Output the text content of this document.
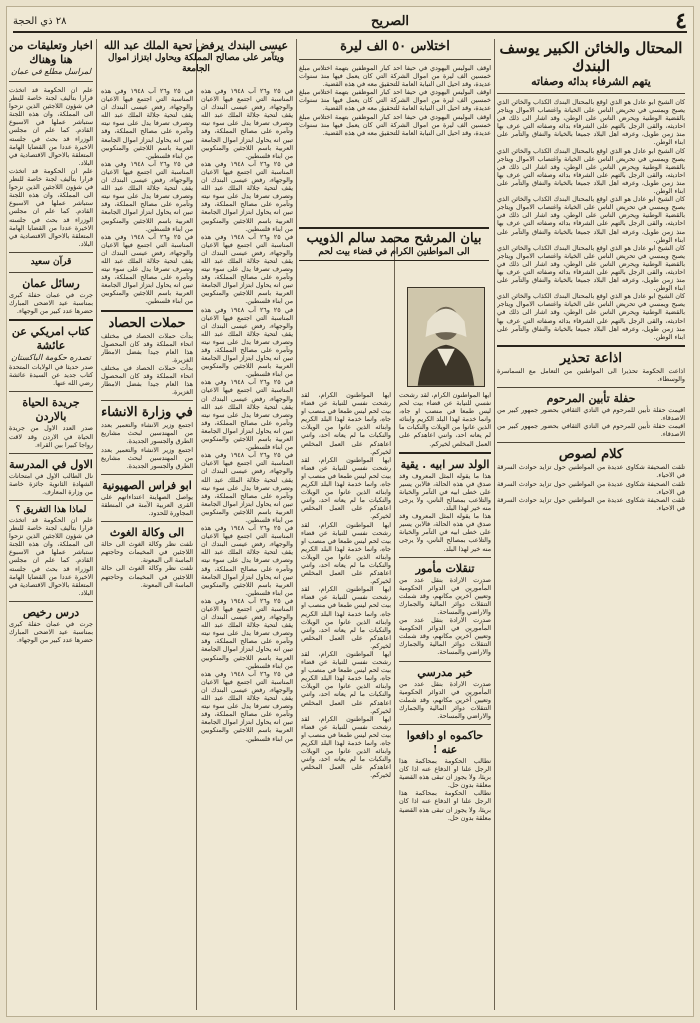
٤
الصريح
٢٨ ذي الحجة
المحتال والخائن الكبير يوسف البندك
يتهم الشرفاء بدائه وصفاته
كان الشيخ ابو عادل هو الذي اوقع بالمحتال البندك الكذاب والخائن الذي يصبح ويمسي في تحريض الناس على الخيانة واغتصاب الاموال ويتاجر بالقضية الوطنية ويحرض الناس على الوطن، وقد اشار الى ذلك في احاديثه، والقى الرجل بالتهم على الشرفاء بدائه وصفاته التي عرف بها منذ زمن طويل، وعرفه اهل البلاد جميعا بالخيانة والنفاق والتآمر على ابناء الوطن.
كان الشيخ ابو عادل هو الذي اوقع بالمحتال البندك الكذاب والخائن الذي يصبح ويمسي في تحريض الناس على الخيانة واغتصاب الاموال ويتاجر بالقضية الوطنية ويحرض الناس على الوطن، وقد اشار الى ذلك في احاديثه، والقى الرجل بالتهم على الشرفاء بدائه وصفاته التي عرف بها منذ زمن طويل، وعرفه اهل البلاد جميعا بالخيانة والنفاق والتآمر على ابناء الوطن.
كان الشيخ ابو عادل هو الذي اوقع بالمحتال البندك الكذاب والخائن الذي يصبح ويمسي في تحريض الناس على الخيانة واغتصاب الاموال ويتاجر بالقضية الوطنية ويحرض الناس على الوطن، وقد اشار الى ذلك في احاديثه، والقى الرجل بالتهم على الشرفاء بدائه وصفاته التي عرف بها منذ زمن طويل، وعرفه اهل البلاد جميعا بالخيانة والنفاق والتآمر على ابناء الوطن.
كان الشيخ ابو عادل هو الذي اوقع بالمحتال البندك الكذاب والخائن الذي يصبح ويمسي في تحريض الناس على الخيانة واغتصاب الاموال ويتاجر بالقضية الوطنية ويحرض الناس على الوطن، وقد اشار الى ذلك في احاديثه، والقى الرجل بالتهم على الشرفاء بدائه وصفاته التي عرف بها منذ زمن طويل، وعرفه اهل البلاد جميعا بالخيانة والنفاق والتآمر على ابناء الوطن.
كان الشيخ ابو عادل هو الذي اوقع بالمحتال البندك الكذاب والخائن الذي يصبح ويمسي في تحريض الناس على الخيانة واغتصاب الاموال ويتاجر بالقضية الوطنية ويحرض الناس على الوطن، وقد اشار الى ذلك في احاديثه، والقى الرجل بالتهم على الشرفاء بدائه وصفاته التي عرف بها منذ زمن طويل، وعرفه اهل البلاد جميعا بالخيانة والنفاق والتآمر على ابناء الوطن.
اذاعة تحذير
اذاعت الحكومة تحذيرا الى المواطنين من التعامل مع السماسرة والوسطاء.
حفلة تأبين المرحوم
اقيمت حفلة تأبين للمرحوم في النادي الثقافي بحضور جمهور كبير من الاصدقاء.
اقيمت حفلة تأبين للمرحوم في النادي الثقافي بحضور جمهور كبير من الاصدقاء.
كلام لصوص
تلقت الصحيفة شكاوى عديدة من المواطنين حول تزايد حوادث السرقة في الاحياء.
تلقت الصحيفة شكاوى عديدة من المواطنين حول تزايد حوادث السرقة في الاحياء.
تلقت الصحيفة شكاوى عديدة من المواطنين حول تزايد حوادث السرقة في الاحياء.
اختلاس ٥٠ الف ليرة
اوقف البوليس اليهودي في حيفا احد كبار الموظفين بتهمة اختلاس مبلغ خمسين الف ليرة من اموال الشركة التي كان يعمل فيها منذ سنوات عديدة، وقد احيل الى النيابة العامة للتحقيق معه في هذه القضية.
اوقف البوليس اليهودي في حيفا احد كبار الموظفين بتهمة اختلاس مبلغ خمسين الف ليرة من اموال الشركة التي كان يعمل فيها منذ سنوات عديدة، وقد احيل الى النيابة العامة للتحقيق معه في هذه القضية.
اوقف البوليس اليهودي في حيفا احد كبار الموظفين بتهمة اختلاس مبلغ خمسين الف ليرة من اموال الشركة التي كان يعمل فيها منذ سنوات عديدة، وقد احيل الى النيابة العامة للتحقيق معه في هذه القضية.
بيان المرشح محمد سالم الذويب
الى المواطنين الكرام في قضاء بيت لحم
ايها المواطنون الكرام، لقد رشحت نفسي للنيابة عن قضاء بيت لحم ليس طمعا في منصب او جاه، وانما خدمة لهذا البلد الكريم وابنائه الذين عانوا من الويلات والنكبات ما لم يعانه احد، وانني اعاهدكم على العمل المخلص لخيركم.
الولد سر ابيه . يقية
هذا ما يقوله المثل المعروف وقد صدق في هذه الحالة، فالابن يسير على خطى ابيه في التآمر والخيانة والتلاعب بمصالح الناس، ولا يرجى منه خير لهذا البلد.
هذا ما يقوله المثل المعروف وقد صدق في هذه الحالة، فالابن يسير على خطى ابيه في التآمر والخيانة والتلاعب بمصالح الناس، ولا يرجى منه خير لهذا البلد.
تنقلات مأمور
صدرت الارادة بنقل عدد من المأمورين في الدوائر الحكومية وتعيين آخرين مكانهم، وقد شملت التنقلات دوائر المالية والجمارك والاراضي والمساحة.
صدرت الارادة بنقل عدد من المأمورين في الدوائر الحكومية وتعيين آخرين مكانهم، وقد شملت التنقلات دوائر المالية والجمارك والاراضي والمساحة.
خبر مدرسي
صدرت الارادة بنقل عدد من المأمورين في الدوائر الحكومية وتعيين آخرين مكانهم، وقد شملت التنقلات دوائر المالية والجمارك والاراضي والمساحة.
حاكموه او دافعوا عنه !
نطالب الحكومة بمحاكمة هذا الرجل علنا او الدفاع عنه اذا كان بريئا، ولا يجوز ان تبقى هذه القضية معلقة بدون حل.
نطالب الحكومة بمحاكمة هذا الرجل علنا او الدفاع عنه اذا كان بريئا، ولا يجوز ان تبقى هذه القضية معلقة بدون حل.
ايها المواطنون الكرام، لقد رشحت نفسي للنيابة عن قضاء بيت لحم ليس طمعا في منصب او جاه، وانما خدمة لهذا البلد الكريم وابنائه الذين عانوا من الويلات والنكبات ما لم يعانه احد، وانني اعاهدكم على العمل المخلص لخيركم.
ايها المواطنون الكرام، لقد رشحت نفسي للنيابة عن قضاء بيت لحم ليس طمعا في منصب او جاه، وانما خدمة لهذا البلد الكريم وابنائه الذين عانوا من الويلات والنكبات ما لم يعانه احد، وانني اعاهدكم على العمل المخلص لخيركم.
ايها المواطنون الكرام، لقد رشحت نفسي للنيابة عن قضاء بيت لحم ليس طمعا في منصب او جاه، وانما خدمة لهذا البلد الكريم وابنائه الذين عانوا من الويلات والنكبات ما لم يعانه احد، وانني اعاهدكم على العمل المخلص لخيركم.
ايها المواطنون الكرام، لقد رشحت نفسي للنيابة عن قضاء بيت لحم ليس طمعا في منصب او جاه، وانما خدمة لهذا البلد الكريم وابنائه الذين عانوا من الويلات والنكبات ما لم يعانه احد، وانني اعاهدكم على العمل المخلص لخيركم.
ايها المواطنون الكرام، لقد رشحت نفسي للنيابة عن قضاء بيت لحم ليس طمعا في منصب او جاه، وانما خدمة لهذا البلد الكريم وابنائه الذين عانوا من الويلات والنكبات ما لم يعانه احد، وانني اعاهدكم على العمل المخلص لخيركم.
ايها المواطنون الكرام، لقد رشحت نفسي للنيابة عن قضاء بيت لحم ليس طمعا في منصب او جاه، وانما خدمة لهذا البلد الكريم وابنائه الذين عانوا من الويلات والنكبات ما لم يعانه احد، وانني اعاهدكم على العمل المخلص لخيركم.
عيسى البندك يرفض تحية الملك عبد الله
ويتآمر على مصالح المملكة ويحاول ابتزاز اموال الجامعة
في ٢٥ و٢٦ آب ١٩٤٨ وفي هذه المناسبة التي اجتمع فيها الاعيان والوجهاء، رفض عيسى البندك ان يقف لتحية جلالة الملك عبد الله وتصرف تصرفا يدل على سوء نيته وتآمره على مصالح المملكة، وقد تبين انه يحاول ابتزاز اموال الجامعة العربية باسم اللاجئين والمنكوبين من ابناء فلسطين.
في ٢٥ و٢٦ آب ١٩٤٨ وفي هذه المناسبة التي اجتمع فيها الاعيان والوجهاء، رفض عيسى البندك ان يقف لتحية جلالة الملك عبد الله وتصرف تصرفا يدل على سوء نيته وتآمره على مصالح المملكة، وقد تبين انه يحاول ابتزاز اموال الجامعة العربية باسم اللاجئين والمنكوبين من ابناء فلسطين.
في ٢٥ و٢٦ آب ١٩٤٨ وفي هذه المناسبة التي اجتمع فيها الاعيان والوجهاء، رفض عيسى البندك ان يقف لتحية جلالة الملك عبد الله وتصرف تصرفا يدل على سوء نيته وتآمره على مصالح المملكة، وقد تبين انه يحاول ابتزاز اموال الجامعة العربية باسم اللاجئين والمنكوبين من ابناء فلسطين.
في ٢٥ و٢٦ آب ١٩٤٨ وفي هذه المناسبة التي اجتمع فيها الاعيان والوجهاء، رفض عيسى البندك ان يقف لتحية جلالة الملك عبد الله وتصرف تصرفا يدل على سوء نيته وتآمره على مصالح المملكة، وقد تبين انه يحاول ابتزاز اموال الجامعة العربية باسم اللاجئين والمنكوبين من ابناء فلسطين.
في ٢٥ و٢٦ آب ١٩٤٨ وفي هذه المناسبة التي اجتمع فيها الاعيان والوجهاء، رفض عيسى البندك ان يقف لتحية جلالة الملك عبد الله وتصرف تصرفا يدل على سوء نيته وتآمره على مصالح المملكة، وقد تبين انه يحاول ابتزاز اموال الجامعة العربية باسم اللاجئين والمنكوبين من ابناء فلسطين.
في ٢٥ و٢٦ آب ١٩٤٨ وفي هذه المناسبة التي اجتمع فيها الاعيان والوجهاء، رفض عيسى البندك ان يقف لتحية جلالة الملك عبد الله وتصرف تصرفا يدل على سوء نيته وتآمره على مصالح المملكة، وقد تبين انه يحاول ابتزاز اموال الجامعة العربية باسم اللاجئين والمنكوبين من ابناء فلسطين.
في ٢٥ و٢٦ آب ١٩٤٨ وفي هذه المناسبة التي اجتمع فيها الاعيان والوجهاء، رفض عيسى البندك ان يقف لتحية جلالة الملك عبد الله وتصرف تصرفا يدل على سوء نيته وتآمره على مصالح المملكة، وقد تبين انه يحاول ابتزاز اموال الجامعة العربية باسم اللاجئين والمنكوبين من ابناء فلسطين.
في ٢٥ و٢٦ آب ١٩٤٨ وفي هذه المناسبة التي اجتمع فيها الاعيان والوجهاء، رفض عيسى البندك ان يقف لتحية جلالة الملك عبد الله وتصرف تصرفا يدل على سوء نيته وتآمره على مصالح المملكة، وقد تبين انه يحاول ابتزاز اموال الجامعة العربية باسم اللاجئين والمنكوبين من ابناء فلسطين.
في ٢٥ و٢٦ آب ١٩٤٨ وفي هذه المناسبة التي اجتمع فيها الاعيان والوجهاء، رفض عيسى البندك ان يقف لتحية جلالة الملك عبد الله وتصرف تصرفا يدل على سوء نيته وتآمره على مصالح المملكة، وقد تبين انه يحاول ابتزاز اموال الجامعة العربية باسم اللاجئين والمنكوبين من ابناء فلسطين.
في ٢٥ و٢٦ آب ١٩٤٨ وفي هذه المناسبة التي اجتمع فيها الاعيان والوجهاء، رفض عيسى البندك ان يقف لتحية جلالة الملك عبد الله وتصرف تصرفا يدل على سوء نيته وتآمره على مصالح المملكة، وقد تبين انه يحاول ابتزاز اموال الجامعة العربية باسم اللاجئين والمنكوبين من ابناء فلسطين.
في ٢٥ و٢٦ آب ١٩٤٨ وفي هذه المناسبة التي اجتمع فيها الاعيان والوجهاء، رفض عيسى البندك ان يقف لتحية جلالة الملك عبد الله وتصرف تصرفا يدل على سوء نيته وتآمره على مصالح المملكة، وقد تبين انه يحاول ابتزاز اموال الجامعة العربية باسم اللاجئين والمنكوبين من ابناء فلسطين.
في ٢٥ و٢٦ آب ١٩٤٨ وفي هذه المناسبة التي اجتمع فيها الاعيان والوجهاء، رفض عيسى البندك ان يقف لتحية جلالة الملك عبد الله وتصرف تصرفا يدل على سوء نيته وتآمره على مصالح المملكة، وقد تبين انه يحاول ابتزاز اموال الجامعة العربية باسم اللاجئين والمنكوبين من ابناء فلسطين.
حملات الحصاد
بدأت حملات الحصاد في مختلف انحاء المملكة وقد كان المحصول هذا العام جيدا بفضل الامطار الغزيرة.
بدأت حملات الحصاد في مختلف انحاء المملكة وقد كان المحصول هذا العام جيدا بفضل الامطار الغزيرة.
في وزارة الانشاء
اجتمع وزير الانشاء والتعمير بعدد من المهندسين لبحث مشاريع الطرق والجسور الجديدة.
اجتمع وزير الانشاء والتعمير بعدد من المهندسين لبحث مشاريع الطرق والجسور الجديدة.
ابو فراس الصهيونية
يواصل الصهاينة اعتداءاتهم على القرى العربية الآمنة في المنطقة المجاورة للحدود.
الى وكالة الغوث
نلفت نظر وكالة الغوث الى حالة اللاجئين في المخيمات وحاجتهم الماسة الى المعونة.
نلفت نظر وكالة الغوث الى حالة اللاجئين في المخيمات وحاجتهم الماسة الى المعونة.
اخبار وتعليقات من هنا وهناك
لمراسل مطلع في عمان
علم ان الحكومة قد اتخذت قرارا بتأليف لجنة خاصة للنظر في شؤون اللاجئين الذين نزحوا الى المملكة، وان هذه اللجنة ستباشر عملها في الاسبوع القادم. كما علم ان مجلس الوزراء قد بحث في جلسته الاخيرة عددا من القضايا الهامة المتعلقة بالاحوال الاقتصادية في البلاد.
علم ان الحكومة قد اتخذت قرارا بتأليف لجنة خاصة للنظر في شؤون اللاجئين الذين نزحوا الى المملكة، وان هذه اللجنة ستباشر عملها في الاسبوع القادم. كما علم ان مجلس الوزراء قد بحث في جلسته الاخيرة عددا من القضايا الهامة المتعلقة بالاحوال الاقتصادية في البلاد.
قرآن سعيد
رسائل عمان
جرت في عمان حفلة كبرى بمناسبة عيد الاضحى المبارك حضرها عدد كبير من الوجهاء.
كتاب امريكي عن عائشة
تصدره حكومة الباكستان
صدر حديثا في الولايات المتحدة كتاب جديد عن السيدة عائشة رضي الله عنها.
جريدة الحياة بالاردن
صدر العدد الاول من جريدة الحياة في الاردن وقد لاقت رواجا كبيرا بين القراء.
الاول في المدرسة
نال الطالب الاول في امتحانات الشهادة الثانوية جائزة خاصة من وزارة المعارف.
لماذا هذا التفريق ؟
علم ان الحكومة قد اتخذت قرارا بتأليف لجنة خاصة للنظر في شؤون اللاجئين الذين نزحوا الى المملكة، وان هذه اللجنة ستباشر عملها في الاسبوع القادم. كما علم ان مجلس الوزراء قد بحث في جلسته الاخيرة عددا من القضايا الهامة المتعلقة بالاحوال الاقتصادية في البلاد.
درس رخيص
جرت في عمان حفلة كبرى بمناسبة عيد الاضحى المبارك حضرها عدد كبير من الوجهاء.
